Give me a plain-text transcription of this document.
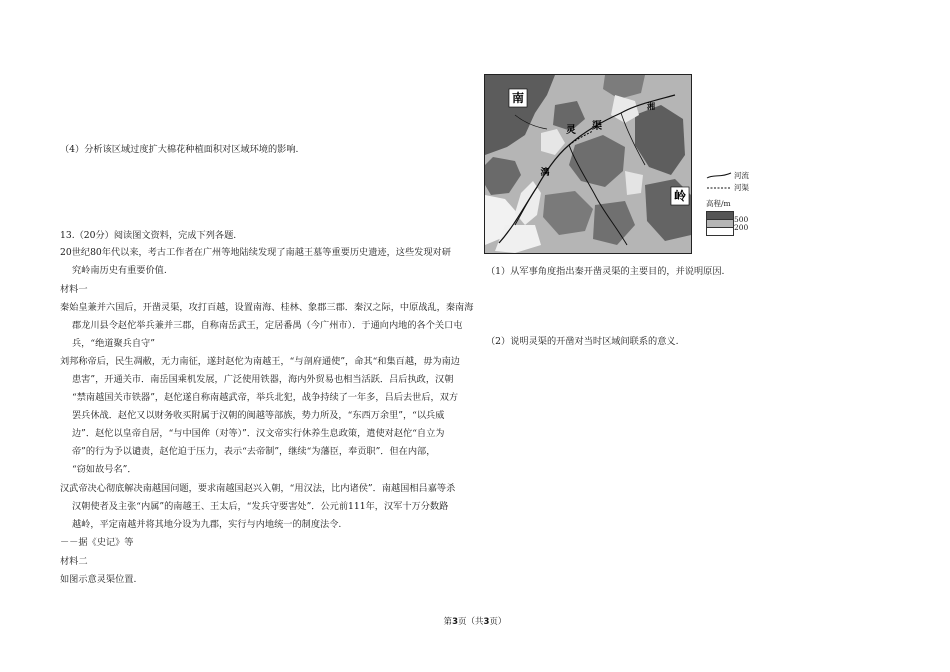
（4）分析该区域过度扩大棉花种植面积对区域环境的影响.
13.（20分）阅读图文资料，完成下列各题.
20世纪80年代以来，考古工作者在广州等地陆续发现了南越王墓等重要历史遗迹，这些发现对研
究岭南历史有重要价值.
材料一
秦始皇兼并六国后，开凿灵渠，攻打百越，设置南海、桂林、象郡三郡．秦汉之际，中原战乱，秦南海
郡龙川县令赵佗举兵兼并三郡，自称南岳武王，定居番禺（今广州市）．于通向内地的各个关口屯
兵，“绝道聚兵自守”
刘邦称帝后，民生凋敝，无力南征，遂封赵佗为南越王，“与剖府通使”，命其“和集百越，毋为南边
患害”，开通关市．南岳国乘机发展，广泛使用铁器，海内外贸易也相当活跃．吕后执政，汉朝
“禁南越国关市铁器”，赵佗遂自称南越武帝，举兵北犯，战争持续了一年多，吕后去世后，双方
罢兵休战．赵佗又以财务收买附属于汉朝的闽越等部族，势力所及，“东西万余里”，“以兵威
边”．赵佗以皇帝自居，“与中国侔（对等）”．汉文帝实行休养生息政策，遣使对赵佗“自立为
帝”的行为予以谴责，赵佗迫于压力，表示“去帝制”，继续“为藩臣，奉贡职”．但在内部，
“窃如故号名”．
汉武帝决心彻底解决南越国问题，要求南越国赵兴入朝，“用汉法，比内诸侯”．南越国相吕嘉等杀
汉朝使者及主张“内属”的南越王、王太后，“发兵守要害处”．公元前111年，汉军十万分数路
越岭，平定南越并将其地分设为九郡，实行与内地统一的制度法令.
－－据《史记》等
材料二
如图示意灵渠位置.
南
灵 渠
漓
岭
湘
河流
河渠
高程/m
500
200
（1）从军事角度指出秦开凿灵渠的主要目的，并说明原因.
（2）说明灵渠的开凿对当时区域间联系的意义.
第3页（共3页）
